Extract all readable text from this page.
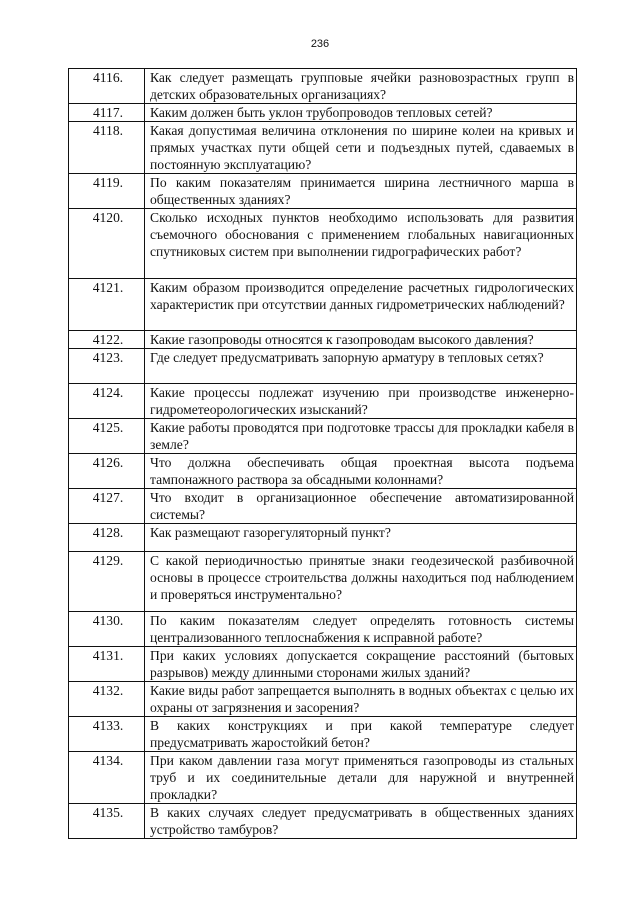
236
4116.	Как следует размещать групповые ячейки разновозрастных групп в детских образовательных организациях?
4117.	Каким должен быть уклон трубопроводов тепловых сетей?
4118.	Какая допустимая величина отклонения по ширине колеи на кривых и прямых участках пути общей сети и подъездных путей, сдаваемых в постоянную эксплуатацию?
4119.	По каким показателям принимается ширина лестничного марша в общественных зданиях?
4120.	Сколько исходных пунктов необходимо использовать для развития съемочного обоснования с применением глобальных навигационных спутниковых систем при выполнении гидрографических работ?
4121.	Каким образом производится определение расчетных гидрологических характеристик при отсутствии данных гидрометрических наблюдений?
4122.	Какие газопроводы относятся к газопроводам высокого давления?
4123.	Где следует предусматривать запорную арматуру в тепловых сетях?
4124.	Какие процессы подлежат изучению при производстве инженерно-гидрометеорологических изысканий?
4125.	Какие работы проводятся при подготовке трассы для прокладки кабеля в земле?
4126.	Что должна обеспечивать общая проектная высота подъема тампонажного раствора за обсадными колоннами?
4127.	Что входит в организационное обеспечение автоматизированной системы?
4128.	Как размещают газорегуляторный пункт?
4129.	С какой периодичностью принятые знаки геодезической разбивочной основы в процессе строительства должны находиться под наблюдением и проверяться инструментально?
4130.	По каким показателям следует определять готовность системы централизованного теплоснабжения к исправной работе?
4131.	При каких условиях допускается сокращение расстояний (бытовых разрывов) между длинными сторонами жилых зданий?
4132.	Какие виды работ запрещается выполнять в водных объектах с целью их охраны от загрязнения и засорения?
4133.	В каких конструкциях и при какой температуре следует предусматривать жаростойкий бетон?
4134.	При каком давлении газа могут применяться газопроводы из стальных труб и их соединительные детали для наружной и внутренней прокладки?
4135.	В каких случаях следует предусматривать в общественных зданиях устройство тамбуров?
